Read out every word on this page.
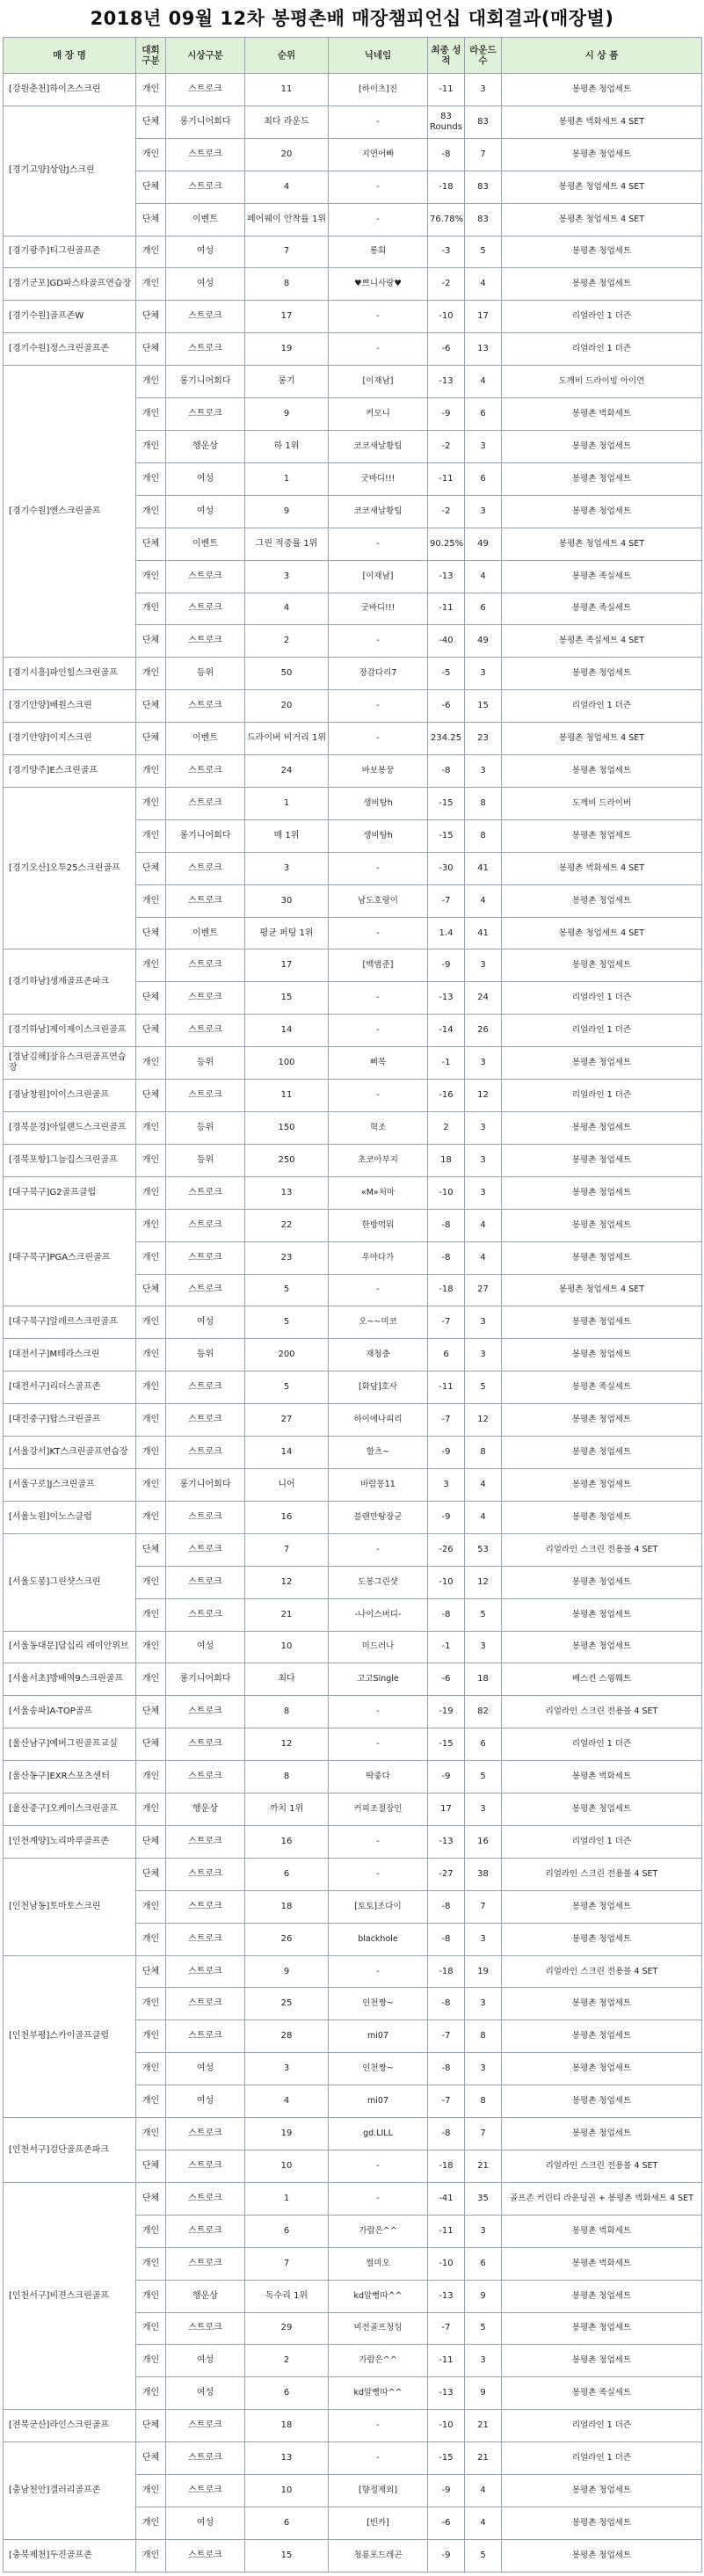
2018년 09월 12차 봉평촌배 매장챔피언십 대회결과(매장별)
매 장 명	대회 구분	시상구분	순위	닉네임	최종 성적	라운드 수	시 상 품
[강원춘천]하이츠스크린	개인	스트로크	11	[하이츠]진	-11	3	봉평촌 청업세트
[경기고양]상암J스크린	단체	롱기니어회다	최다 라운드	-	83 Rounds	83	봉평촌 벅화세트 4 SET
	개인	스트로크	20	지연어빠	-8	7	봉평촌 청업세트
	단체	스트로크	4	-	-18	83	봉평촌 청업세트 4 SET
	단체	이벤트	페어웨이 안착률 1위	-	76.78%	83	봉평촌 청업세트 4 SET
[경기광주]티그린골프존	개인	여성	7	롱희	-3	5	봉평촌 청업세트
[경기군포]GD파스타골프연습장	개인	여성	8	♥쁘니사랑♥	-2	4	봉평촌 청업세트
[경기수원]골프존W	단체	스트로크	17	-	-10	17	리얼라인 1 더즌
[경기수원]정스크린골프존	단체	스트로크	19	-	-6	13	리얼라인 1 더즌
[경기수원]엔스크린골프	개인	롱기니어회다	롱기	[이재남]	-13	4	도깨비 드라이빙 아이언
	개인	스트로크	9	커모니	-9	6	봉평촌 벅화세트
	개인	행운상	하 1위	코코새날황팀	-2	3	봉평촌 청업세트
	개인	여성	1	굿바디!!!	-11	6	봉평촌 청업세트
	개인	여성	9	코코새날황팀	-2	3	봉평촌 청업세트
	단체	이벤트	그린 적중률 1위	-	90.25%	49	봉평촌 청업세트 4 SET
	개인	스트로크	3	[이재남]	-13	4	봉평촌 족실세트
	개인	스트로크	4	굿바디!!!	-11	6	봉평촌 족실세트
	단체	스트로크	2	-	-40	49	봉평촌 족실세트 4 SET
[경기시흥]파인힐스크린골프	개인	등위	50	장감다리7	-5	3	봉평촌 청업세트
[경기안양]배원스크린	단체	스트로크	20	-	-6	15	리얼라인 1 더즌
[경기안양]이지스크린	단체	이벤트	드라이버 비거리 1위	-	234.25	23	봉평촌 청업세트 4 SET
[경기양주]E스크린골프	개인	스트로크	24	바보봉꿍	-8	3	봉평촌 청업세트
[경기오산]오투25스크린골프	개인	스트로크	1	생비탕h	-15	8	도깨비 드라이버
	개인	롱기니어회다	매 1위	생비탕h	-15	8	봉평촌 청업세트
	단체	스트로크	3	-	-30	41	봉평촌 벅화세트 4 SET
	개인	스트로크	30	남도호랑이	-7	4	봉평촌 청업세트
	단체	이벤트	평균 퍼팅 1위	-	1.4	41	봉평촌 청업세트 4 SET
[경기하남]생재골프존파크	개인	스트로크	17	[백범준]	-9	3	봉평촌 청업세트
	단체	스트로크	15	-	-13	24	리얼라인 1 더즌
[경기하남]제이제이스크린골프	단체	스트로크	14	-	-14	26	리얼라인 1 더즌
[경남김해]장유스크린골프연습장	개인	등위	100	뻐목	-1	3	봉평촌 청업세트
[경남창원]이이스크린골프	단체	스트로크	11	-	-16	12	리얼라인 1 더즌
[경북문경]아일랜드스크린골프	개인	등위	150	혁조	2	3	봉평촌 청업세트
[경북포항]그늘집스크린골프	개인	등위	250	초코아부지	18	3	봉평촌 청업세트
[대구북구]G2골프클럽	개인	스트로크	13	«M»처마	-10	3	봉평촌 청업세트
[대구북구]PGA스크린골프	개인	스트로크	22	한방먹뭐	-8	4	봉평촌 청업세트
	개인	스트로크	23	우아다가	-8	4	봉평촌 청업세트
	단체	스트로크	5	-	-18	27	봉평촌 청업세트 4 SET
[대구북구]알레르스크린골프	개인	여성	5	오~~미코	-7	3	봉평촌 청업세트
[대전서구]M테라스크린	개인	등위	200	재청충	6	3	봉평촌 청업세트
[대전서구]리더스골프존	개인	스트로크	5	[화담]호사	-11	5	봉평촌 족실세트
[대전중구]탑스크린골프	개인	스트로크	27	하이에나피리	-7	12	봉평촌 청업세트
[서울강서]KT스크린골프연습장	개인	스트로크	14	할츠~	-9	8	봉평촌 청업세트
[서울구로]J스크린골프	개인	롱기니어회다	니어	바람몽11	3	4	봉평촌 청업세트
[서울노원]이노스클럽	개인	스트로크	16	블랜만땅장군	-9	4	봉평촌 청업세트
[서울도봉]그린샷스크린	단체	스트로크	7	-	-26	53	리얼라인 스크린 전용볼 4 SET
	개인	스트로크	12	도봉그린샷	-10	12	봉평촌 청업세트
	개인	스트로크	21	-나이스버디-	-8	5	봉평촌 청업세트
[서울동대문]답십리 레이안위브	개인	여성	10	미드러나	-1	3	봉평촌 청업세트
[서울서초]방배역9스크린골프	개인	롱기니어회다	최다	고고Single	-6	18	베스컨 스윙웨트
[서울송파]A-TOP골프	단체	스트로크	8	-	-19	82	리얼라인 스크린 전용볼 4 SET
[울산남구]예버그린골프교실	단체	스트로크	12	-	-15	6	리얼라인 1 더즌
[울산동구]EXR스포츠센터	개인	스트로크	8	딱좋다	-9	5	봉평촌 벅화세트
[울산중구]오케이스크린골프	개인	행운상	까치 1위	커피조절장인	17	3	봉평촌 청업세트
[인천계양]노리마루골프존	단체	스트로크	16	-	-13	16	리얼라인 1 더즌
[인천남동]토마토스크린	단체	스트로크	6	-	-27	38	리얼라인 스크린 전용볼 4 SET
	개인	스트로크	18	[토토]조다이	-8	7	봉평촌 청업세트
	개인	스트로크	26	blackhole	-8	3	봉평촌 청업세트
[인천부평]스카이골프클럽	단체	스트로크	9	-	-18	19	리얼라인 스크린 전용볼 4 SET
	개인	스트로크	25	인천짱~	-8	3	봉평촌 청업세트
	개인	스트로크	28	mi07	-7	8	봉평촌 청업세트
	개인	여성	3	인천짱~	-8	3	봉평촌 청업세트
	개인	여성	4	mi07	-7	8	봉평촌 청업세트
[인천서구]검단골프존파크	개인	스트로크	19	gd.LILL	-8	7	봉평촌 청업세트
	단체	스트로크	10	-	-18	21	리얼라인 스크린 전용볼 4 SET
[인천서구]비젼스크린골프	단체	스트로크	1	-	-41	35	골프존 커린티 라운딩권 + 봉평촌 벅화세트 4 SET
	개인	스트로크	6	가람은^^	-11	3	봉평촌 벅화세트
	개인	스트로크	7	썰미오	-10	6	봉평촌 벅화세트
	개인	행운상	독수리 1위	kd알뻥따^^	-13	9	봉평촌 청업세트
	개인	스트로크	29	비전골프청심	-7	5	봉평촌 청업세트
	개인	여성	2	가람은^^	-11	3	봉평촌 청업세트
	개인	여성	6	kd알뻥따^^	-13	9	봉평촌 족실세트
[전북군산]라인스크린골프	단체	스트로크	18	-	-10	21	리얼라인 1 더즌
[충남천안]갤러리골프존	단체	스트로크	13	-	-15	21	리얼라인 1 더즌
	개인	스트로크	10	[향정제외]	-9	4	봉평촌 청업세트
	개인	여성	6	[빈카]	-6	4	봉평촌 청업세트
[충북제천]두진골프존	개인	스트로크	15	청룡포드레곤	-9	5	봉평촌 청업세트
